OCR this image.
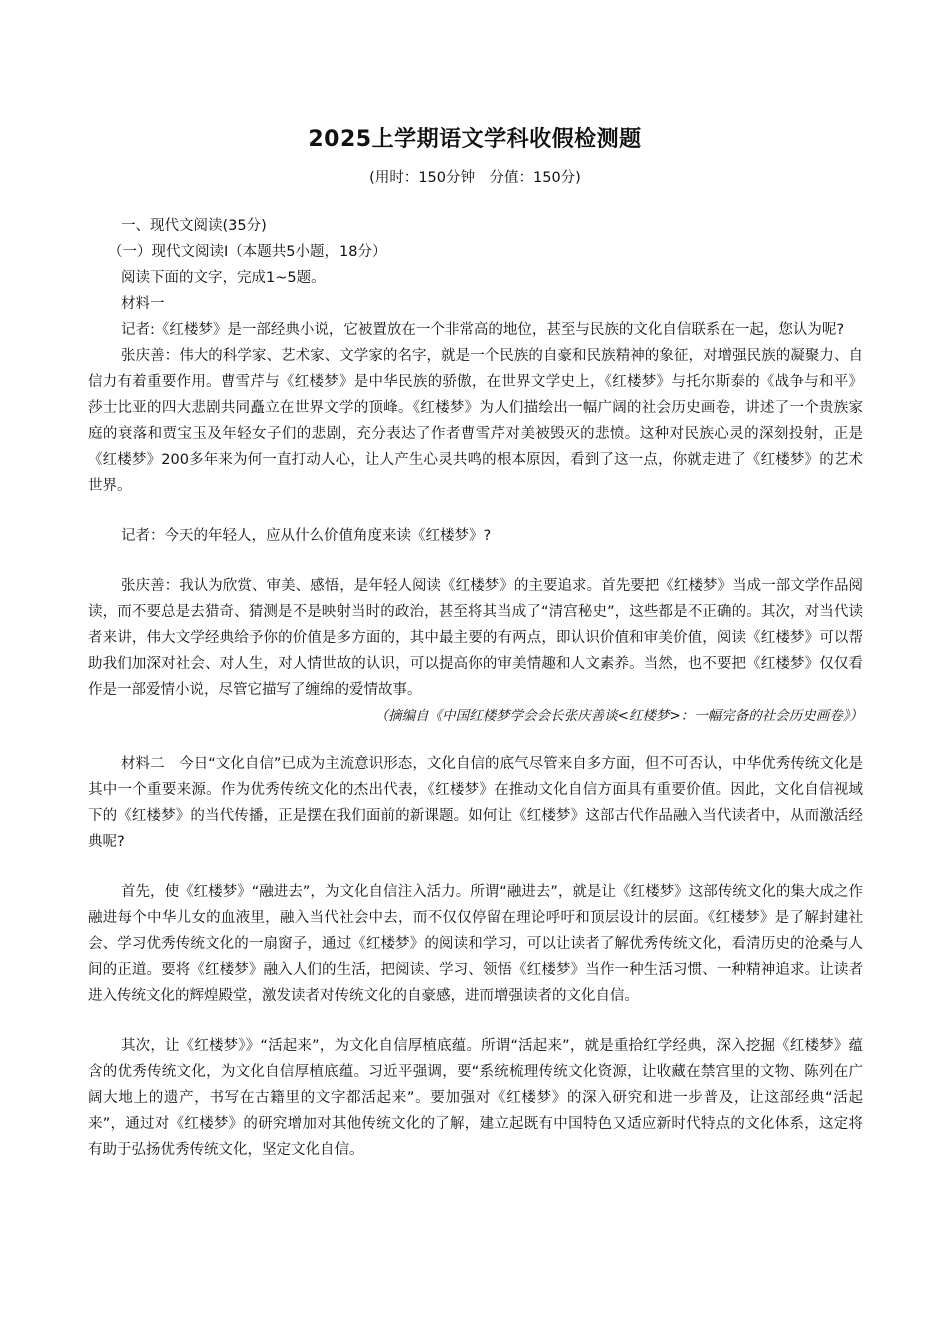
2025上学期语文学科收假检测题
(用时：150分钟　分值：150分)

一、现代文阅读(35分)

（一）现代文阅读Ⅰ（本题共5小题，18分）

阅读下面的文字，完成1~5题。

材料一

记者:《红楼梦》是一部经典小说，它被置放在一个非常高的地位，甚至与民族的文化自信联系在一起，您认为呢?

张庆善：伟大的科学家、艺术家、文学家的名字，就是一个民族的自豪和民族精神的象征，对增强民族的凝聚力、自信力有着重要作用。曹雪芹与《红楼梦》是中华民族的骄傲，在世界文学史上，《红楼梦》与托尔斯泰的《战争与和平》莎士比亚的四大悲剧共同矗立在世界文学的顶峰。《红楼梦》为人们描绘出一幅广阔的社会历史画卷，讲述了一个贵族家庭的衰落和贾宝玉及年轻女子们的悲剧，充分表达了作者曹雪芹对美被毁灭的悲愤。这种对民族心灵的深刻投射，正是《红楼梦》200多年来为何一直打动人心，让人产生心灵共鸣的根本原因，看到了这一点，你就走进了《红楼梦》的艺术世界。

记者：今天的年轻人，应从什么价值角度来读《红楼梦》?

张庆善：我认为欣赏、审美、感悟，是年轻人阅读《红楼梦》的主要追求。首先要把《红楼梦》当成一部文学作品阅读，而不要总是去猎奇、猜测是不是映射当时的政治，甚至将其当成了“清宫秘史”，这些都是不正确的。其次，对当代读者来讲，伟大文学经典给予你的价值是多方面的，其中最主要的有两点，即认识价值和审美价值，阅读《红楼梦》可以帮助我们加深对社会、对人生，对人情世故的认识，可以提高你的审美情趣和人文素养。当然，也不要把《红楼梦》仅仅看作是一部爱情小说，尽管它描写了缠绵的爱情故事。

（摘编自《中国红楼梦学会会长张庆善谈<红楼梦>：一幅完备的社会历史画卷》）

材料二　今日“文化自信”已成为主流意识形态，文化自信的底气尽管来自多方面，但不可否认，中华优秀传统文化是其中一个重要来源。作为优秀传统文化的杰出代表，《红楼梦》在推动文化自信方面具有重要价值。因此，文化自信视域下的《红楼梦》的当代传播，正是摆在我们面前的新课题。如何让《红楼梦》这部古代作品融入当代读者中，从而激活经典呢?

首先，使《红楼梦》“融进去”，为文化自信注入活力。所谓“融进去”，就是让《红楼梦》这部传统文化的集大成之作融进每个中华儿女的血液里，融入当代社会中去，而不仅仅停留在理论呼吁和顶层设计的层面。《红楼梦》是了解封建社会、学习优秀传统文化的一扇窗子，通过《红楼梦》的阅读和学习，可以让读者了解优秀传统文化，看清历史的沧桑与人间的正道。要将《红楼梦》融入人们的生活，把阅读、学习、领悟《红楼梦》当作一种生活习惯、一种精神追求。让读者进入传统文化的辉煌殿堂，激发读者对传统文化的自豪感，进而增强读者的文化自信。

其次，让《红楼梦》》“活起来”，为文化自信厚植底蕴。所谓“活起来”，就是重拾红学经典，深入挖掘《红楼梦》蕴含的优秀传统文化，为文化自信厚植底蕴。习近平强调，要“系统梳理传统文化资源，让收藏在禁宫里的文物、陈列在广阔大地上的遗产，书写在古籍里的文字都活起来”。要加强对《红楼梦》的深入研究和进一步普及，让这部经典“活起来”，通过对《红楼梦》的研究增加对其他传统文化的了解，建立起既有中国特色又适应新时代特点的文化体系，这定将有助于弘扬优秀传统文化，坚定文化自信。
